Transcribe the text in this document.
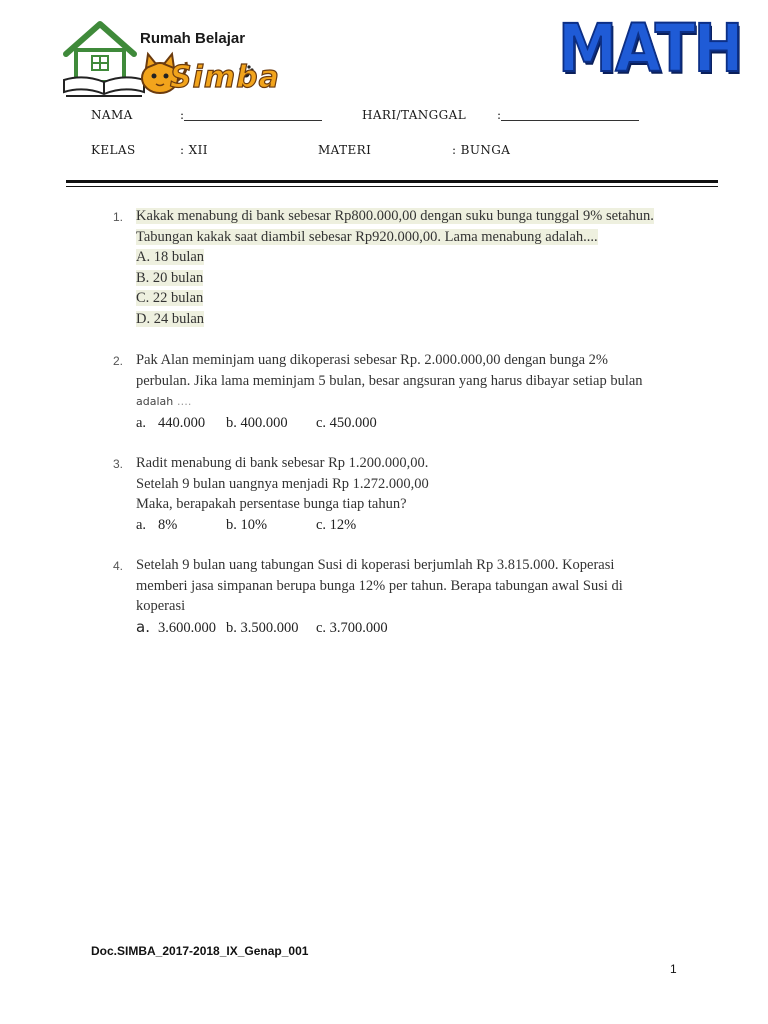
Rumah Belajar
Simba	MATH
NAMA	:	HARI/TANGGAL	:
KELAS	: XII	MATERI	: BUNGA
1. Kakak menabung di bank sebesar Rp800.000,00 dengan suku bunga tunggal 9% setahun.
Tabungan kakak saat diambil sebesar Rp920.000,00. Lama menabung adalah....
A. 18 bulan
B. 20 bulan
C. 22 bulan
D. 24 bulan
2. Pak Alan meminjam uang dikoperasi sebesar Rp. 2.000.000,00 dengan bunga 2%
perbulan. Jika lama meminjam 5 bulan, besar angsuran yang harus dibayar setiap bulan
adalah ….
a. 440.000 b. 400.000 c. 450.000
3. Radit menabung di bank sebesar Rp 1.200.000,00.
Setelah 9 bulan uangnya menjadi Rp 1.272.000,00
Maka, berapakah persentase bunga tiap tahun?
a. 8%	b. 10%	c. 12%
4. Setelah 9 bulan uang tabungan Susi di koperasi berjumlah Rp 3.815.000. Koperasi
memberi jasa simpanan berupa bunga 12% per tahun. Berapa tabungan awal Susi di
koperasi
a. 3.600.000 b. 3.500.000 c. 3.700.000
Doc.SIMBA_2017-2018_IX_Genap_001
1
